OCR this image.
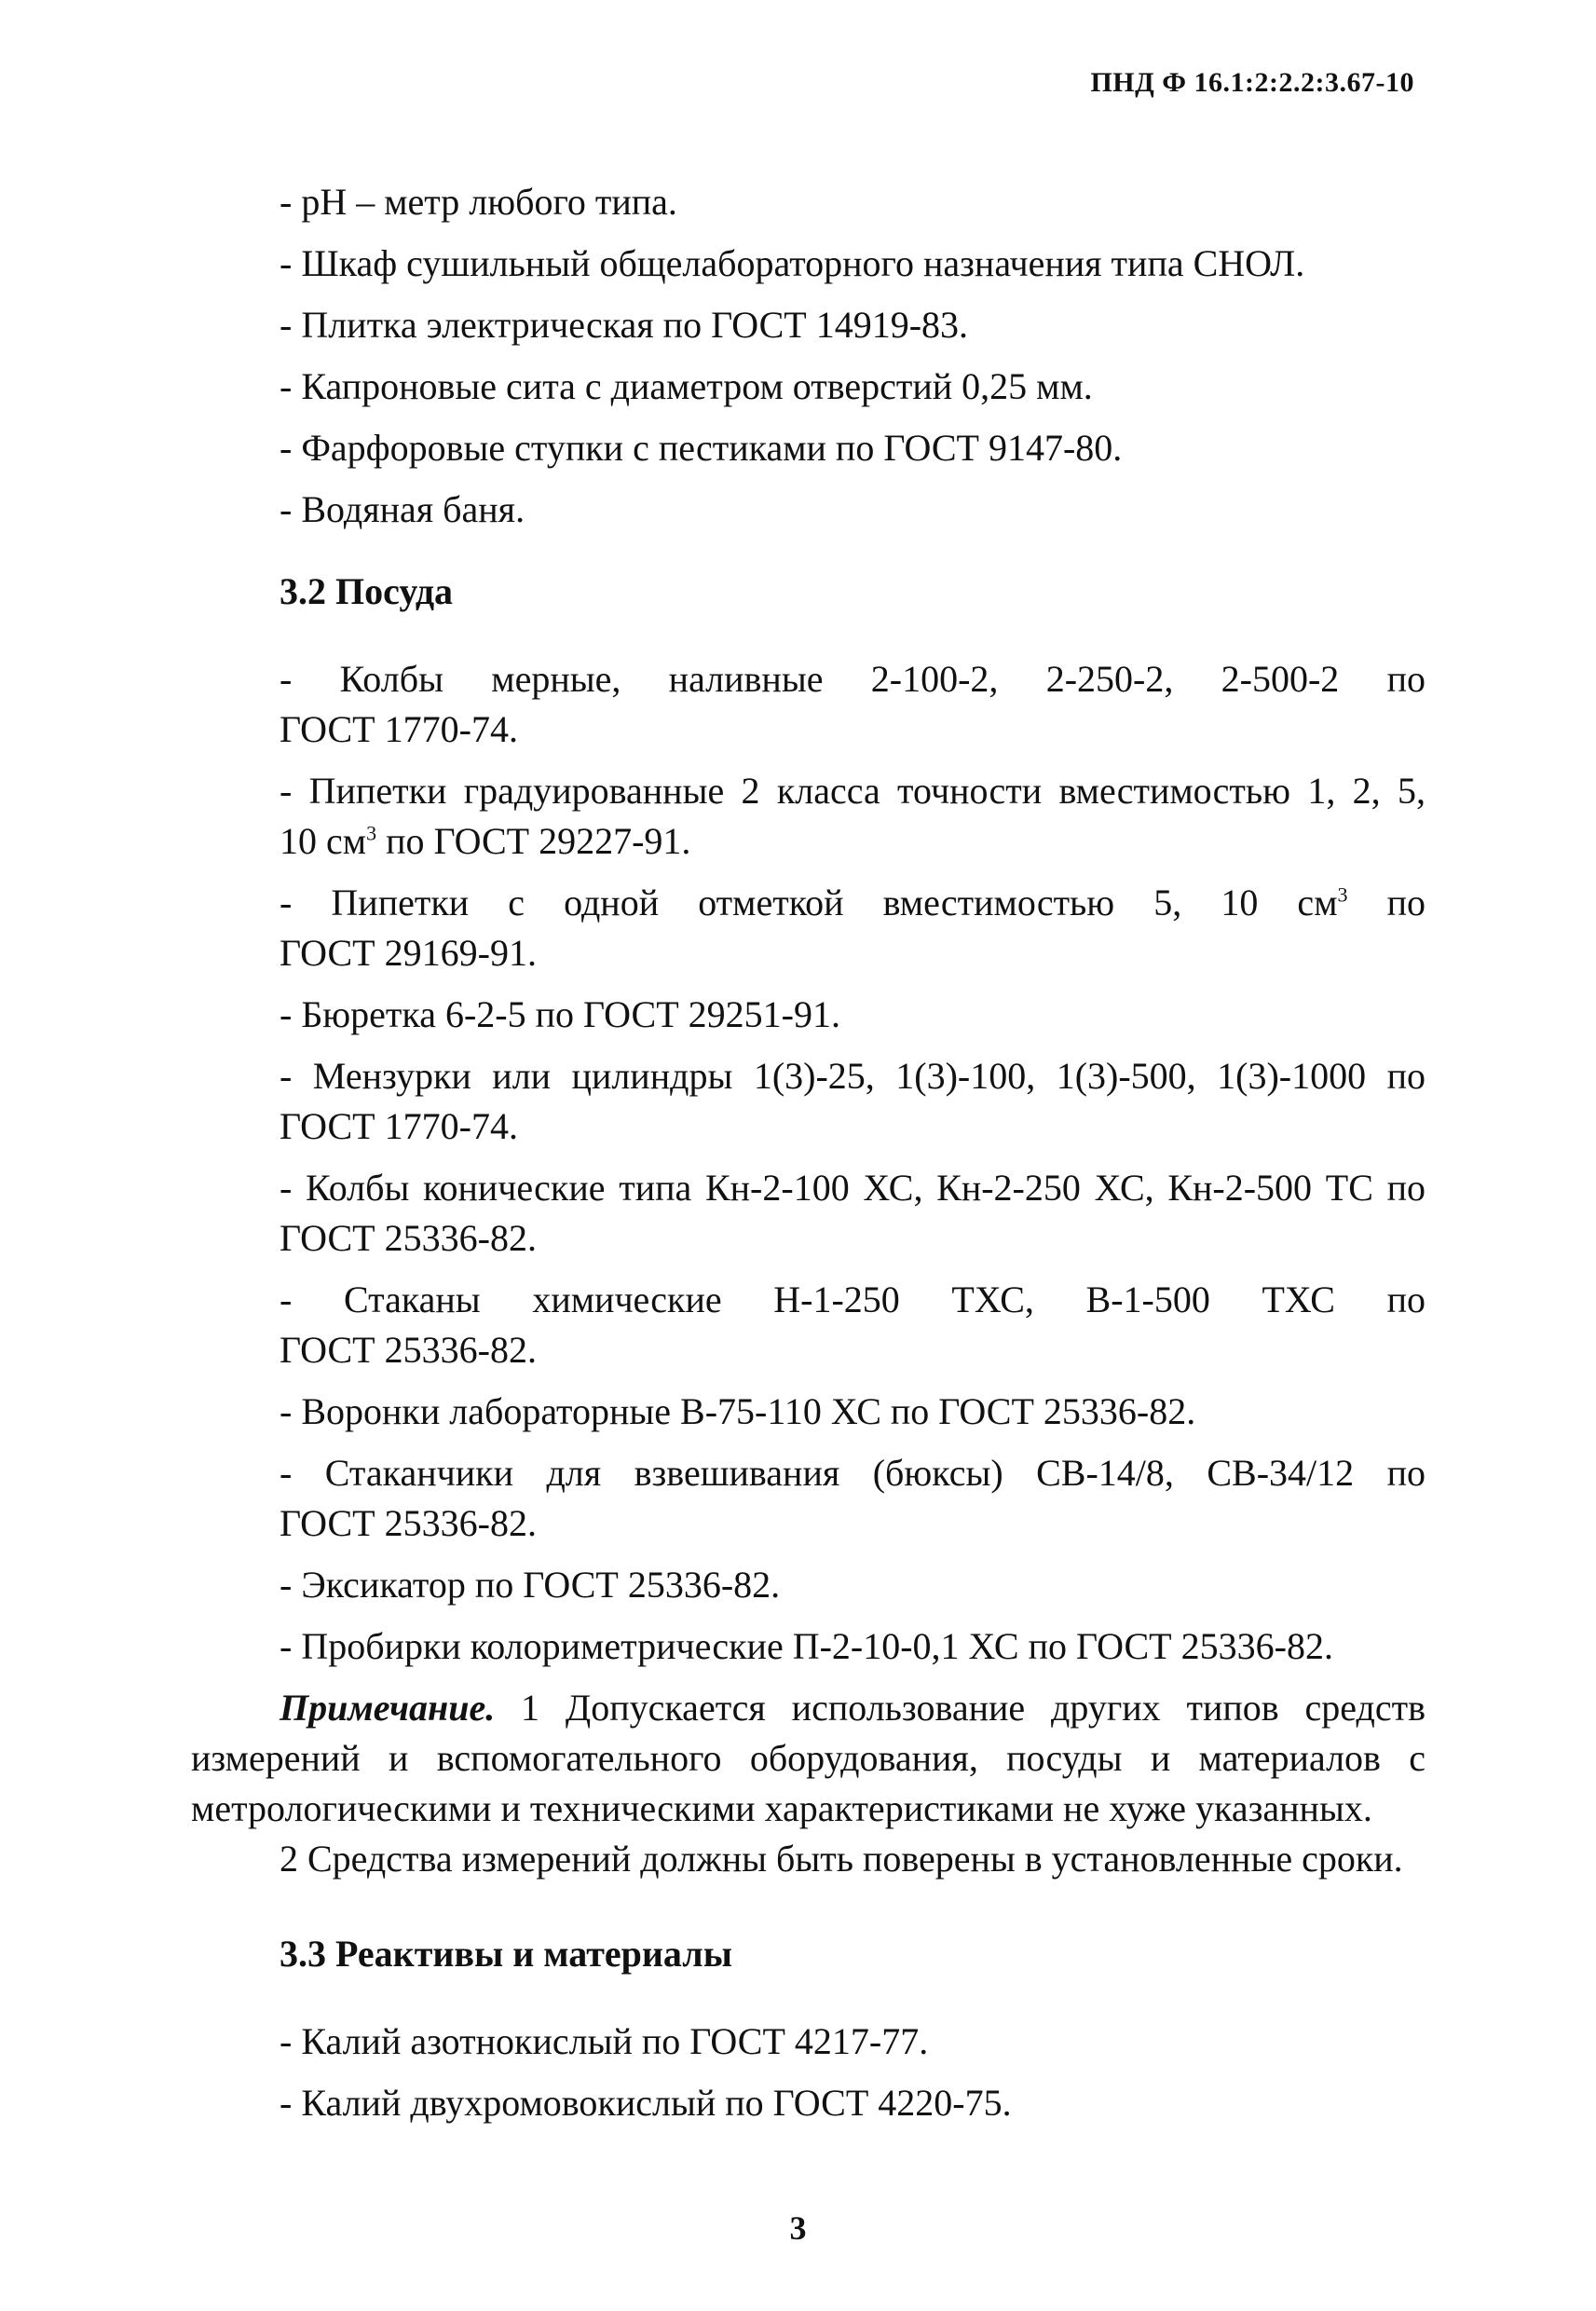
ПНД Ф 16.1:2:2.2:3.67-10

- рН – метр любого типа.

- Шкаф сушильный общелабораторного назначения типа СНОЛ.

- Плитка электрическая по ГОСТ 14919-83.

- Капроновые сита с диаметром отверстий 0,25 мм.

- Фарфоровые ступки с пестиками по ГОСТ 9147-80.

- Водяная баня.

3.2 Посуда

- Колбы мерные, наливные 2-100-2, 2-250-2, 2-500-2 по

ГОСТ 1770-74.

- Пипетки градуированные 2 класса точности вместимостью 1, 2, 5,

10 $см^3$ по ГОСТ 29227-91.

- Пипетки с одной отметкой вместимостью 5, 10 $см^3$ по

ГОСТ 29169-91.

- Бюретка 6-2-5 по ГОСТ 29251-91.

- Мензурки или цилиндры 1(3)-25, 1(3)-100, 1(3)-500, 1(3)-1000 по

ГОСТ 1770-74.

- Колбы конические типа Кн-2-100 ХС, Кн-2-250 ХС, Кн-2-500 ТС по

ГОСТ 25336-82.

- Стаканы химические Н-1-250 ТХС, В-1-500 ТХС по

ГОСТ 25336-82.

- Воронки лабораторные В-75-110 ХС по ГОСТ 25336-82.

- Стаканчики для взвешивания (бюксы) СВ-14/8, СВ-34/12 по

ГОСТ 25336-82.

- Эксикатор по ГОСТ 25336-82.

- Пробирки колориметрические П-2-10-0,1 ХС по ГОСТ 25336-82.

Примечание. 1 Допускается использование других типов средств измерений и вспомогательного оборудования, посуды и материалов с метрологическими и техническими характеристиками не хуже указанных.

2 Средства измерений должны быть поверены в установленные сроки.

3.3 Реактивы и материалы

- Калий азотнокислый по ГОСТ 4217-77.

- Калий двухромовокислый по ГОСТ 4220-75.

3
